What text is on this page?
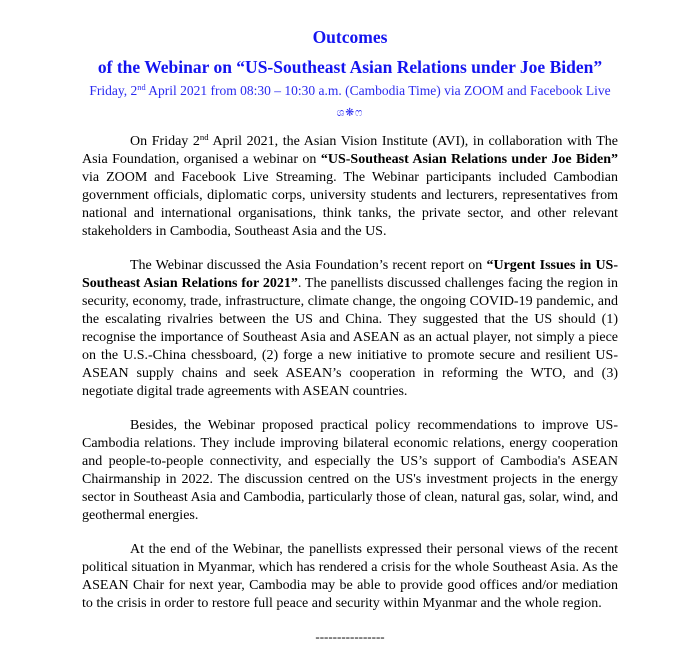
Outcomes
of the Webinar on “US-Southeast Asian Relations under Joe Biden”
Friday, 2nd April 2021 from 08:30 – 10:30 a.m. (Cambodia Time) via ZOOM and Facebook Live
ශ❋ෆ

On Friday 2nd April 2021, the Asian Vision Institute (AVI), in collaboration with The Asia Foundation, organised a webinar on “US-Southeast Asian Relations under Joe Biden” via ZOOM and Facebook Live Streaming. The Webinar participants included Cambodian government officials, diplomatic corps, university students and lecturers, representatives from national and international organisations, think tanks, the private sector, and other relevant stakeholders in Cambodia, Southeast Asia and the US.

The Webinar discussed the Asia Foundation’s recent report on “Urgent Issues in US-Southeast Asian Relations for 2021”. The panellists discussed challenges facing the region in security, economy, trade, infrastructure, climate change, the ongoing COVID-19 pandemic, and the escalating rivalries between the US and China. They suggested that the US should (1) recognise the importance of Southeast Asia and ASEAN as an actual player, not simply a piece on the U.S.-China chessboard, (2) forge a new initiative to promote secure and resilient US-ASEAN supply chains and seek ASEAN’s cooperation in reforming the WTO, and (3) negotiate digital trade agreements with ASEAN countries.

Besides, the Webinar proposed practical policy recommendations to improve US-Cambodia relations. They include improving bilateral economic relations, energy cooperation and people-to-people connectivity, and especially the US’s support of Cambodia's ASEAN Chairmanship in 2022. The discussion centred on the US's investment projects in the energy sector in Southeast Asia and Cambodia, particularly those of clean, natural gas, solar, wind, and geothermal energies.

At the end of the Webinar, the panellists expressed their personal views of the recent political situation in Myanmar, which has rendered a crisis for the whole Southeast Asia. As the ASEAN Chair for next year, Cambodia may be able to provide good offices and/or mediation to the crisis in order to restore full peace and security within Myanmar and the whole region.

----------------
